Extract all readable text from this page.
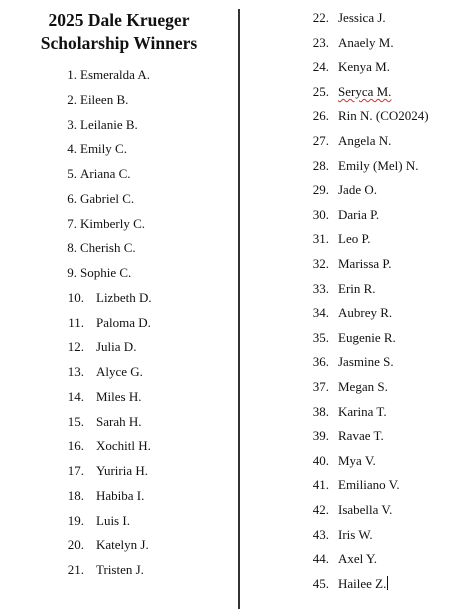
2025 Dale Krueger
Scholarship Winners
1. Esmeralda A.
2. Eileen B.
3. Leilanie B.
4. Emily C.
5. Ariana C.
6. Gabriel C.
7. Kimberly C.
8. Cherish C.
9. Sophie C.
10. Lizbeth D.
11. Paloma D.
12. Julia D.
13. Alyce G.
14. Miles H.
15. Sarah H.
16. Xochitl H.
17. Yuriria H.
18. Habiba I.
19. Luis I.
20. Katelyn J.
21. Tristen J.
22. Jessica J.
23. Anaely M.
24. Kenya M.
25. Seryca M.
26. Rin N. (CO2024)
27. Angela N.
28. Emily (Mel) N.
29. Jade O.
30. Daria P.
31. Leo P.
32. Marissa P.
33. Erin R.
34. Aubrey R.
35. Eugenie R.
36. Jasmine S.
37. Megan S.
38. Karina T.
39. Ravae T.
40. Mya V.
41. Emiliano V.
42. Isabella V.
43. Iris W.
44. Axel Y.
45. Hailee Z.
